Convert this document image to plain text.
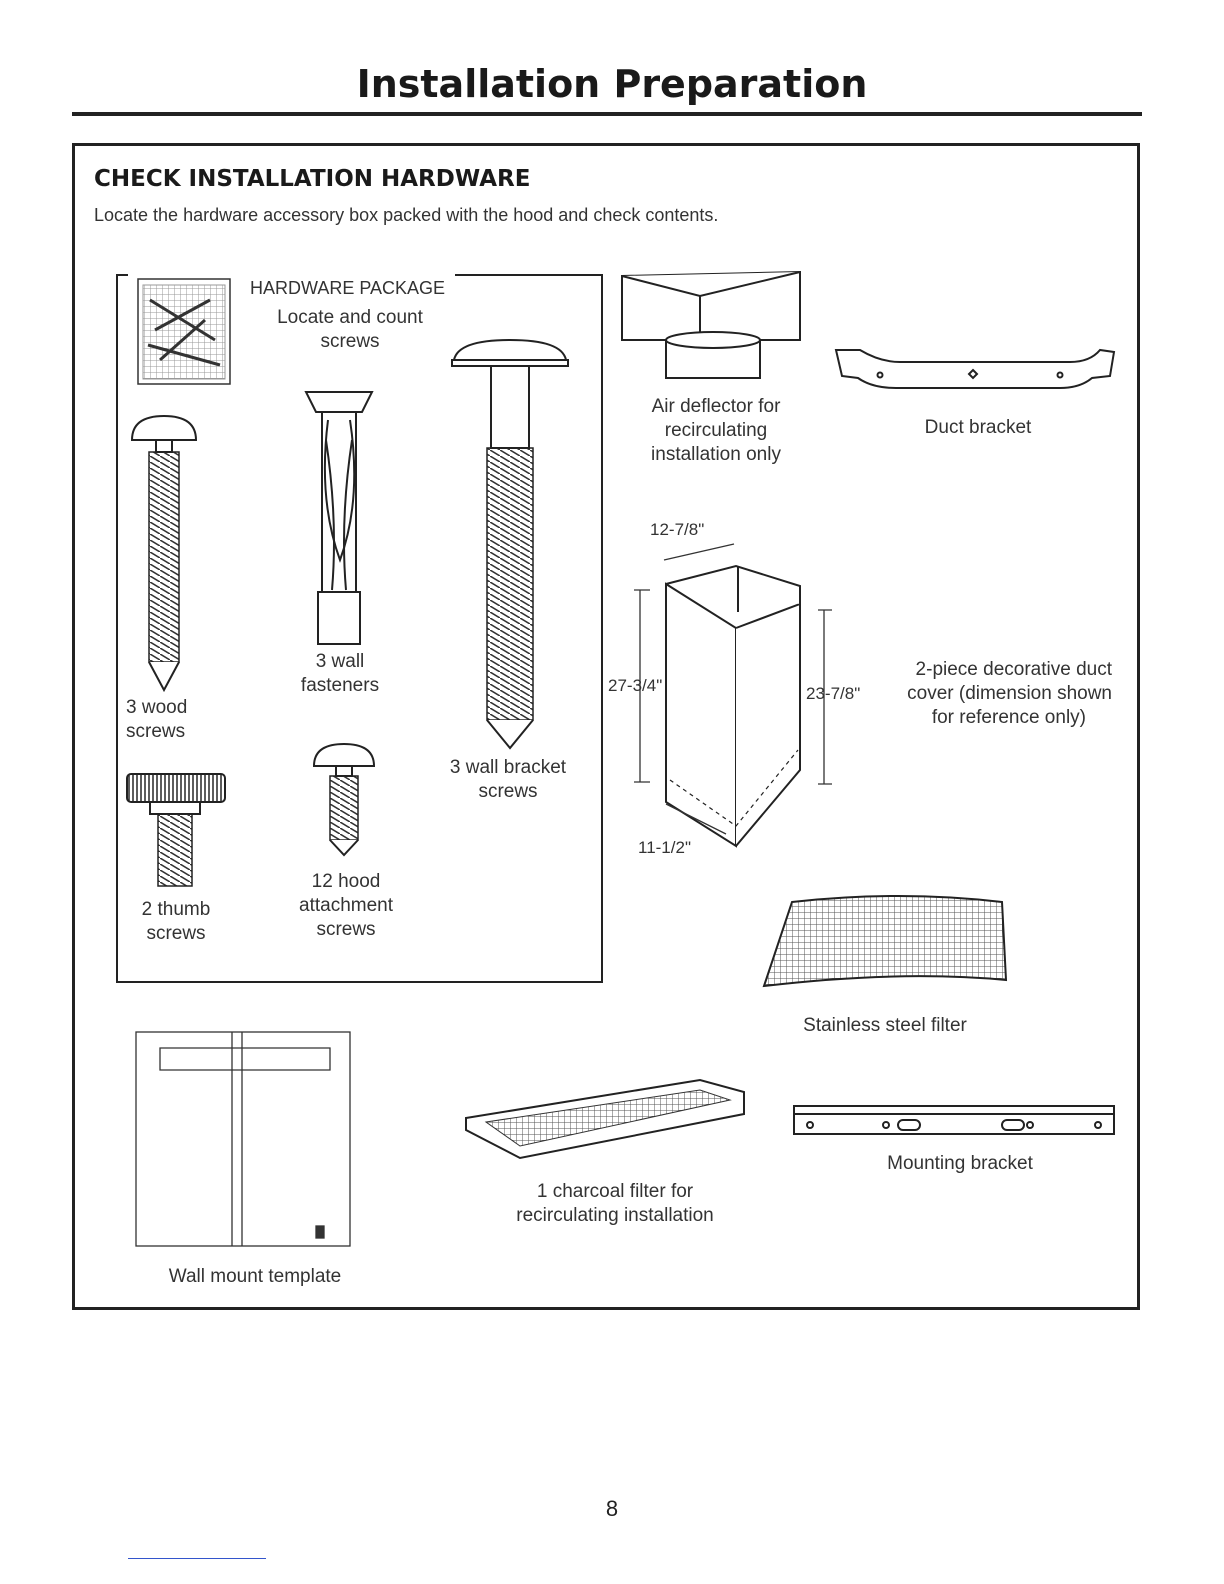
Installation Preparation
CHECK INSTALLATION HARDWARE
Locate the hardware accessory box packed with the hood and check contents.
HARDWARE PACKAGE
Locate and count
screws
3 wood
screws
3 wall
fasteners
3 wall bracket
screws
2 thumb
screws
12 hood
attachment
screws
Air deflector for
recirculating
installation only
Duct bracket
2-piece decorative duct
cover (dimension shown
for reference only)
12-7/8"
27-3/4"	23-7/8"
11-1/2"
Stainless steel filter
Mounting bracket
1 charcoal filter for
recirculating installation
Wall mount template
8
